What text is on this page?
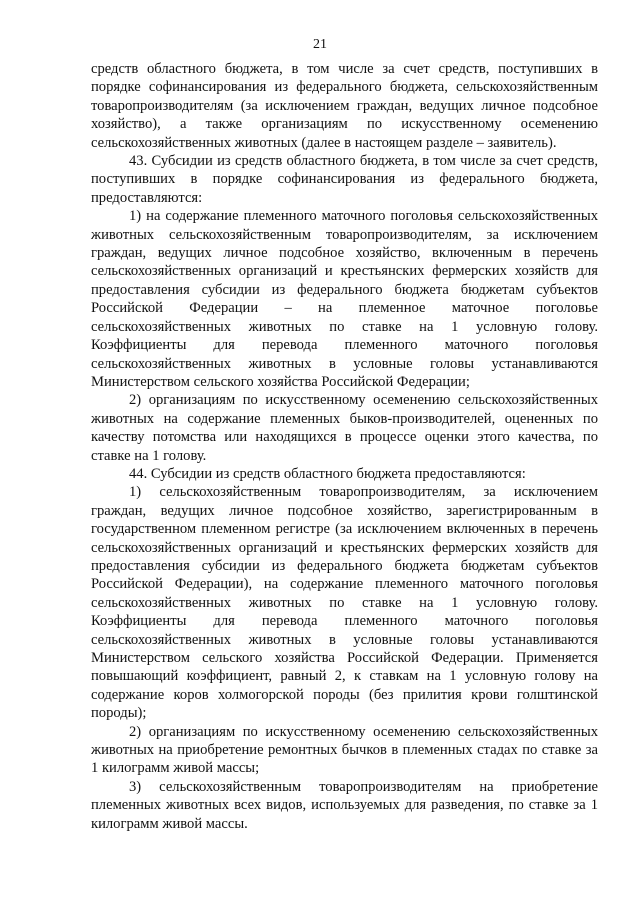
21

средств областного бюджета, в том числе за счет средств, поступивших в порядке софинансирования из федерального бюджета, сельскохозяйственным товаропроизводителям (за исключением граждан, ведущих личное подсобное хозяйство), а также организациям по искусственному осеменению сельскохозяйственных животных (далее в настоящем разделе – заявитель).

43. Субсидии из средств областного бюджета, в том числе за счет средств, поступивших в порядке софинансирования из федерального бюджета, предоставляются:

1) на содержание племенного маточного поголовья сельскохозяйственных животных сельскохозяйственным товаропроизводителям, за исключением граждан, ведущих личное подсобное хозяйство, включенным в перечень сельскохозяйственных организаций и крестьянских фермерских хозяйств для предоставления субсидии из федерального бюджета бюджетам субъектов Российской Федерации – на племенное маточное поголовье сельскохозяйственных животных по ставке на 1 условную голову. Коэффициенты для перевода племенного маточного поголовья сельскохозяйственных животных в условные головы устанавливаются Министерством сельского хозяйства Российской Федерации;

2) организациям по искусственному осеменению сельскохозяйственных животных на содержание племенных быков-производителей, оцененных по качеству потомства или находящихся в процессе оценки этого качества, по ставке на 1 голову.

44. Субсидии из средств областного бюджета предоставляются:

1) сельскохозяйственным товаропроизводителям, за исключением граждан, ведущих личное подсобное хозяйство, зарегистрированным в государственном племенном регистре (за исключением включенных в перечень сельскохозяйственных организаций и крестьянских фермерских хозяйств для предоставления субсидии из федерального бюджета бюджетам субъектов Российской Федерации), на содержание племенного маточного поголовья сельскохозяйственных животных по ставке на 1 условную голову. Коэффициенты для перевода племенного маточного поголовья сельскохозяйственных животных в условные головы устанавливаются Министерством сельского хозяйства Российской Федерации. Применяется повышающий коэффициент, равный 2, к ставкам на 1 условную голову на содержание коров холмогорской породы (без прилития крови голштинской породы);

2) организациям по искусственному осеменению сельскохозяйственных животных на приобретение ремонтных бычков в племенных стадах по ставке за 1 килограмм живой массы;

3) сельскохозяйственным товаропроизводителям на приобретение племенных животных всех видов, используемых для разведения, по ставке за 1 килограмм живой массы.
